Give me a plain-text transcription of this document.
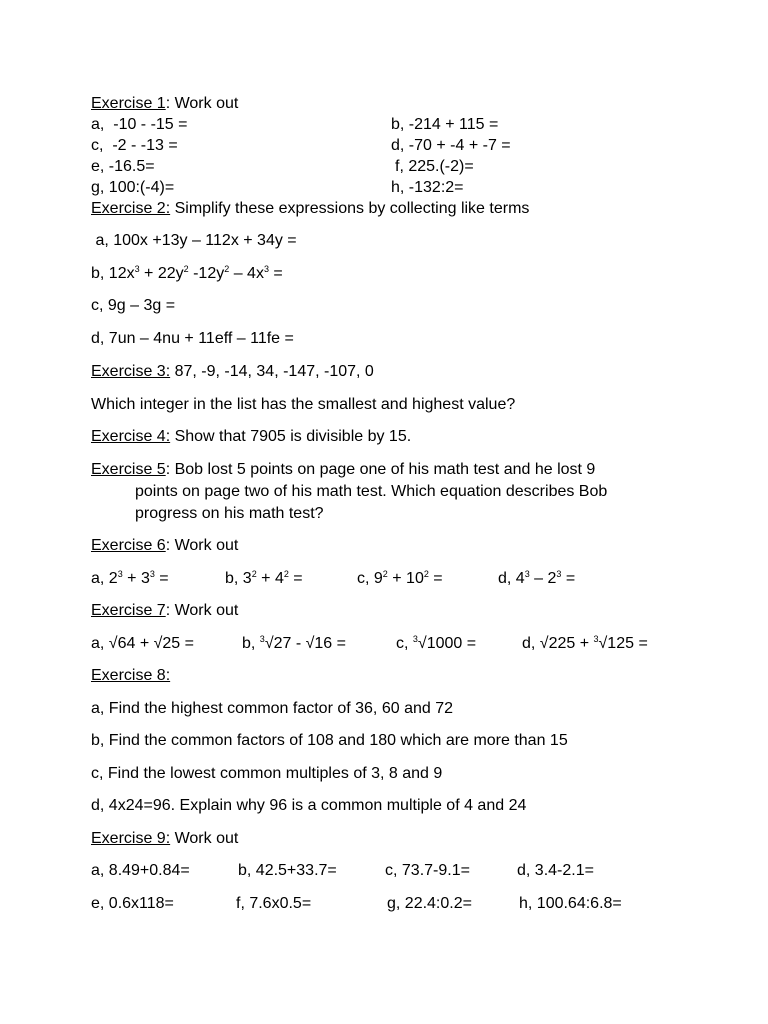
Exercise 1: Work out
a,  -10 - -15 =	b, -214 + 115 =
c,  -2 - -13 =	d, -70 + -4 + -7 =
e, -16.5=	f, 225.(-2)=
g, 100:(-4)=	h, -132:2=
Exercise 2: Simplify these expressions by collecting like terms
a, 100x +13y – 112x + 34y =
b, $12x^3 + 22y^2$ $-12y^2 - 4x^3$ =
c, 9g – 3g =
d, 7un – 4nu + 11eff – 11fe =
Exercise 3: 87, -9, -14, 34, -147, -107, 0
Which integer in the list has the smallest and highest value?
Exercise 4: Show that 7905 is divisible by 15.
Exercise 5: Bob lost 5 points on page one of his math test and he lost 9
points on page two of his math test. Which equation describes Bob
progress on his math test?
Exercise 6: Work out
a, $2^3 + 3^3$ =	b, $3^2 + 4^2$ =	c, $9^2 + 10^2$ =	d, $4^3 - 2^3$ =
Exercise 7: Work out
a, √64 + √25 =	b, $^3$√27 - √16 =	c, $^3$√1000 =	d, √225 + $^3$√125 =
Exercise 8:
a, Find the highest common factor of 36, 60 and 72
b, Find the common factors of 108 and 180 which are more than 15
c, Find the lowest common multiples of 3, 8 and 9
d, 4x24=96. Explain why 96 is a common multiple of 4 and 24
Exercise 9: Work out
a, 8.49+0.84=	b, 42.5+33.7=	c, 73.7-9.1=	d, 3.4-2.1=
e, 0.6x118=	f, 7.6x0.5=	g, 22.4:0.2=	h, 100.64:6.8=
